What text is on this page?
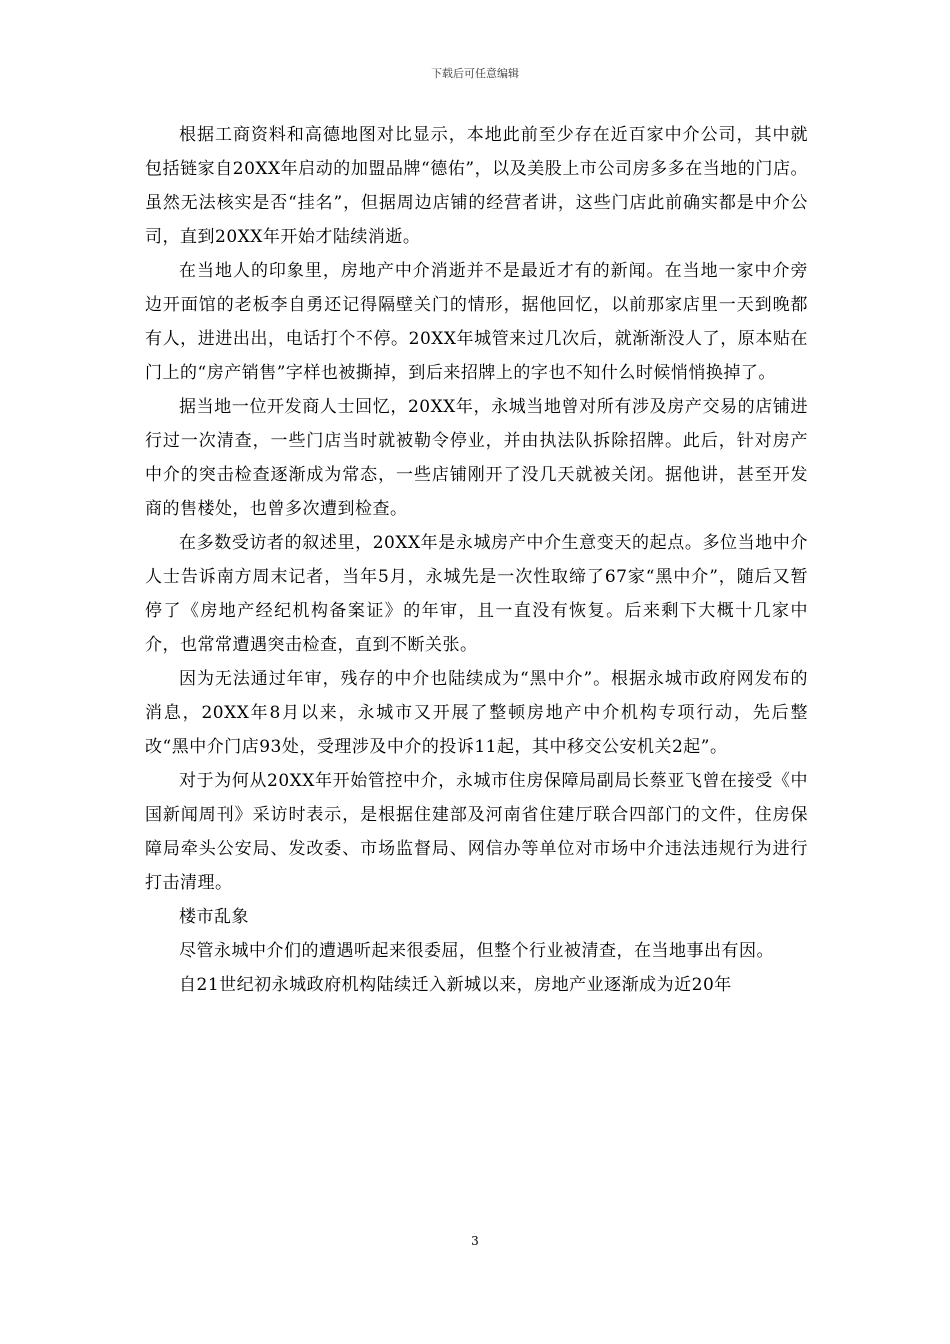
下载后可任意编辑

根据工商资料和高德地图对比显示，本地此前至少存在近百家中介公司，其中就包括链家自20XX年启动的加盟品牌“德佑”，以及美股上市公司房多多在当地的门店。虽然无法核实是否“挂名”，但据周边店铺的经营者讲，这些门店此前确实都是中介公司，直到20XX年开始才陆续消逝。

在当地人的印象里，房地产中介消逝并不是最近才有的新闻。在当地一家中介旁边开面馆的老板李自勇还记得隔壁关门的情形，据他回忆，以前那家店里一天到晚都有人，进进出出，电话打个不停。20XX年城管来过几次后，就渐渐没人了，原本贴在门上的“房产销售”字样也被撕掉，到后来招牌上的字也不知什么时候悄悄换掉了。

据当地一位开发商人士回忆，20XX年，永城当地曾对所有涉及房产交易的店铺进行过一次清查，一些门店当时就被勒令停业，并由执法队拆除招牌。此后，针对房产中介的突击检查逐渐成为常态，一些店铺刚开了没几天就被关闭。据他讲，甚至开发商的售楼处，也曾多次遭到检查。

在多数受访者的叙述里，20XX年是永城房产中介生意变天的起点。多位当地中介人士告诉南方周末记者，当年5月，永城先是一次性取缔了67家“黑中介”，随后又暂停了《房地产经纪机构备案证》的年审，且一直没有恢复。后来剩下大概十几家中介，也常常遭遇突击检查，直到不断关张。

因为无法通过年审，残存的中介也陆续成为“黑中介”。根据永城市政府网发布的消息，20XX年8月以来，永城市又开展了整顿房地产中介机构专项行动，先后整改“黑中介门店93处，受理涉及中介的投诉11起，其中移交公安机关2起”。

对于为何从20XX年开始管控中介，永城市住房保障局副局长蔡亚飞曾在接受《中国新闻周刊》采访时表示，是根据住建部及河南省住建厅联合四部门的文件，住房保障局牵头公安局、发改委、市场监督局、网信办等单位对市场中介违法违规行为进行打击清理。

楼市乱象

尽管永城中介们的遭遇听起来很委屈，但整个行业被清查，在当地事出有因。

自21世纪初永城政府机构陆续迁入新城以来，房地产业逐渐成为近20年

3
